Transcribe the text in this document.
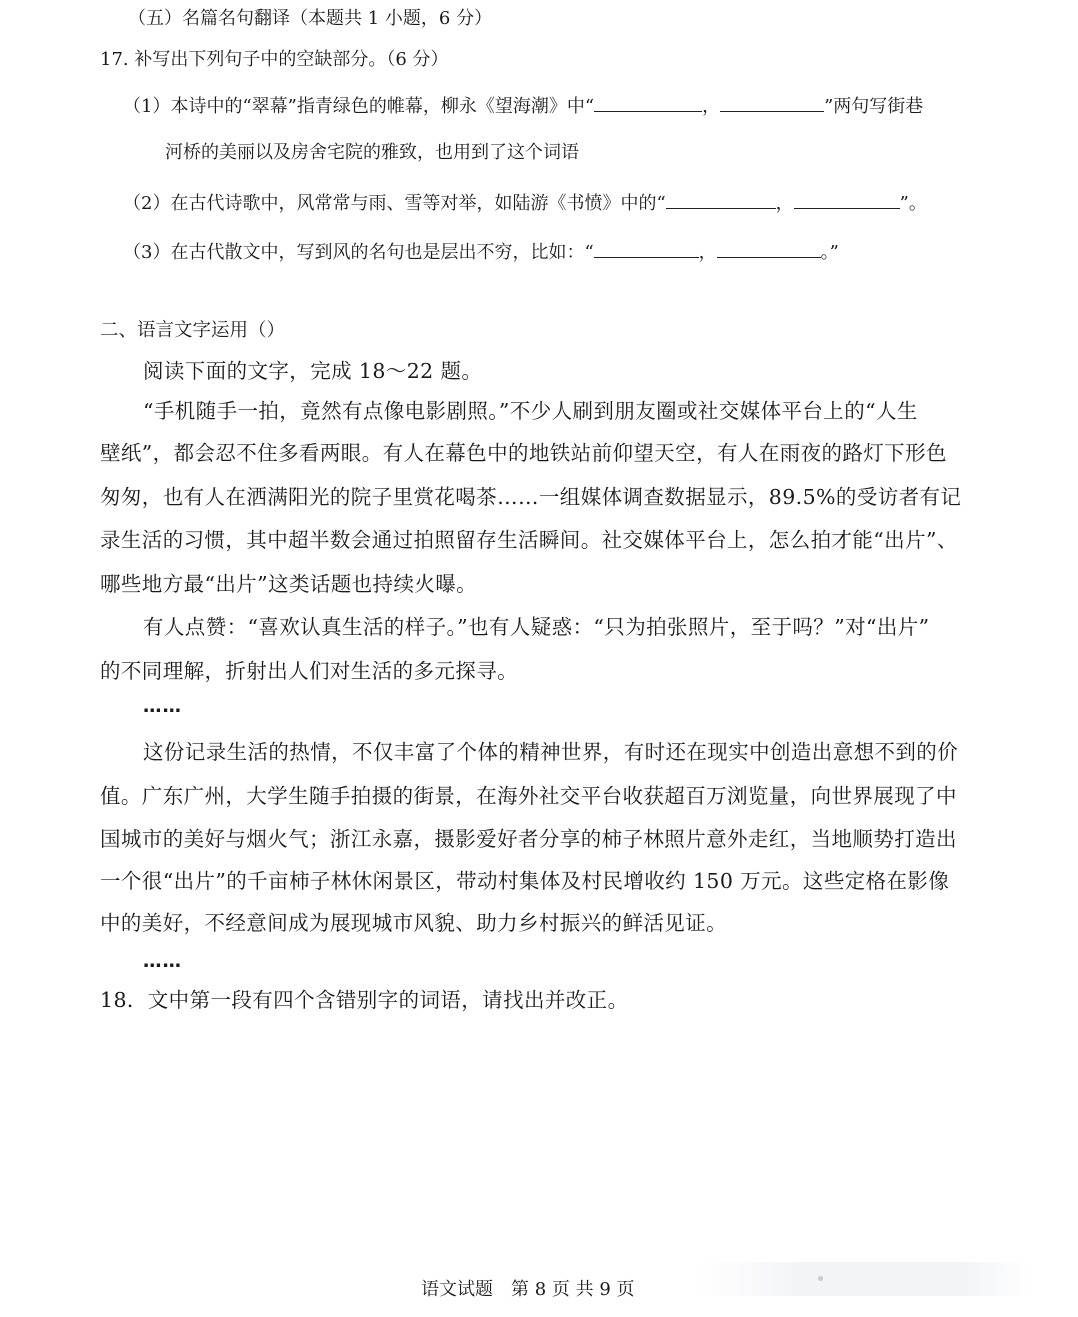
（五）名篇名句翻译（本题共 1 小题，6 分）
17. 补写出下列句子中的空缺部分。（6 分）
（1）本诗中的“翠幕”指青绿色的帷幕，柳永《望海潮》中“	，	”两句写街巷
河桥的美丽以及房舍宅院的雅致，也用到了这个词语
（2）在古代诗歌中，风常常与雨、雪等对举，如陆游《书愤》中的“	，	”。
（3）在古代散文中，写到风的名句也是层出不穷，比如：“	，	。”
二、语言文字运用（）
阅读下面的文字，完成 18～22 题。
“手机随手一拍，竟然有点像电影剧照。”不少人刷到朋友圈或社交媒体平台上的“人生
壁纸”，都会忍不住多看两眼。有人在幕色中的地铁站前仰望天空，有人在雨夜的路灯下形色
匆匆，也有人在洒满阳光的院子里赏花喝茶……一组媒体调查数据显示，89.5%的受访者有记
录生活的习惯，其中超半数会通过拍照留存生活瞬间。社交媒体平台上，怎么拍才能“出片”、
哪些地方最“出片”这类话题也持续火曝。
有人点赞：“喜欢认真生活的样子。”也有人疑惑：“只为拍张照片，至于吗？”对“出片”
的不同理解，折射出人们对生活的多元探寻。
……
这份记录生活的热情，不仅丰富了个体的精神世界，有时还在现实中创造出意想不到的价
值。广东广州，大学生随手拍摄的街景，在海外社交平台收获超百万浏览量，向世界展现了中
国城市的美好与烟火气；浙江永嘉，摄影爱好者分享的柿子林照片意外走红，当地顺势打造出
一个很“出片”的千亩柿子林休闲景区，带动村集体及村民增收约 150 万元。这些定格在影像
中的美好，不经意间成为展现城市风貌、助力乡村振兴的鲜活见证。
……
18．文中第一段有四个含错别字的词语，请找出并改正。
语文试题　第 8 页 共 9 页
